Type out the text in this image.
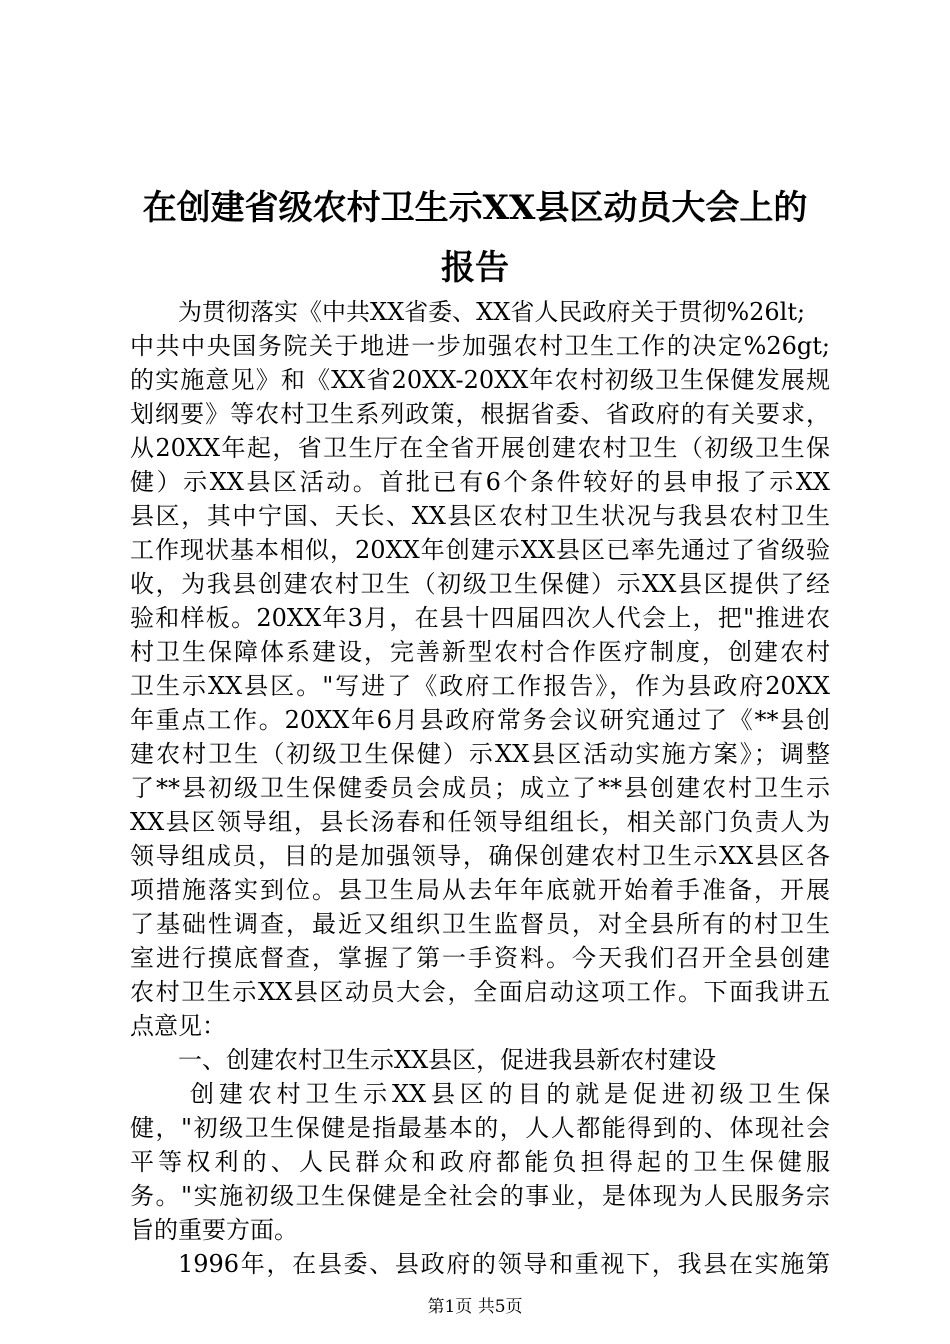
在创建省级农村卫生示XX县区动员大会上的
报告

为贯彻落实《中共XX省委、XX省人民政府关于贯彻%26lt;

中共中央国务院关于地进一步加强农村卫生工作的决定%26gt;

的实施意见》和《XX省20XX-20XX年农村初级卫生保健发展规

划纲要》等农村卫生系列政策，根据省委、省政府的有关要求，

从20XX年起，省卫生厅在全省开展创建农村卫生（初级卫生保

健）示XX县区活动。首批已有6个条件较好的县申报了示XX

县区，其中宁国、天长、XX县区农村卫生状况与我县农村卫生

工作现状基本相似，20XX年创建示XX县区已率先通过了省级验

收，为我县创建农村卫生（初级卫生保健）示XX县区提供了经

验和样板。20XX年3月，在县十四届四次人代会上，把"推进农

村卫生保障体系建设，完善新型农村合作医疗制度，创建农村

卫生示XX县区。"写进了《政府工作报告》，作为县政府20XX

年重点工作。20XX年6月县政府常务会议研究通过了《**县创

建农村卫生（初级卫生保健）示XX县区活动实施方案》；调整

了**县初级卫生保健委员会成员；成立了**县创建农村卫生示

XX县区领导组，县长汤春和任领导组组长，相关部门负责人为

领导组成员，目的是加强领导，确保创建农村卫生示XX县区各

项措施落实到位。县卫生局从去年年底就开始着手准备，开展

了基础性调查，最近又组织卫生监督员，对全县所有的村卫生

室进行摸底督查，掌握了第一手资料。今天我们召开全县创建

农村卫生示XX县区动员大会，全面启动这项工作。下面我讲五

点意见：

一、创建农村卫生示XX县区，促进我县新农村建设

创建农村卫生示XX县区的目的就是促进初级卫生保

健，"初级卫生保健是指最基本的，人人都能得到的、体现社会

平等权利的、人民群众和政府都能负担得起的卫生保健服

务。"实施初级卫生保健是全社会的事业，是体现为人民服务宗

旨的重要方面。

1996年，在县委、县政府的领导和重视下，我县在实施第

第1页 共5页
